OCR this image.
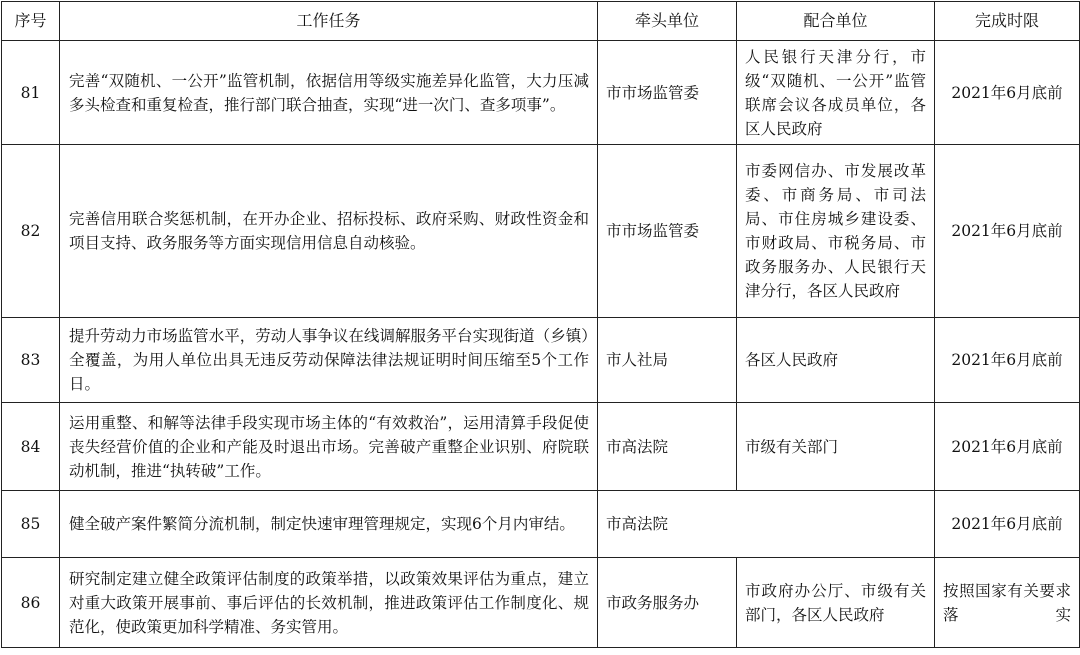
序号	工作任务	牵头单位	配合单位	完成时限
81	完善“双随机、一公开”监管机制，依据信用等级实施差异化监管，大力压减多头检查和重复检查，推行部门联合抽查，实现“进一次门、查多项事”。	市市场监管委	人民银行天津分行，市级“双随机、一公开”监管联席会议各成员单位，各区人民政府	2021年6月底前
82	完善信用联合奖惩机制，在开办企业、招标投标、政府采购、财政性资金和项目支持、政务服务等方面实现信用信息自动核验。	市市场监管委	市委网信办、市发展改革委、市商务局、市司法局、市住房城乡建设委、市财政局、市税务局、市政务服务办、人民银行天津分行，各区人民政府	2021年6月底前
83	提升劳动力市场监管水平，劳动人事争议在线调解服务平台实现街道（乡镇）全覆盖，为用人单位出具无违反劳动保障法律法规证明时间压缩至5个工作日。	市人社局	各区人民政府	2021年6月底前
84	运用重整、和解等法律手段实现市场主体的“有效救治”，运用清算手段促使丧失经营价值的企业和产能及时退出市场。完善破产重整企业识别、府院联动机制，推进“执转破”工作。	市高法院	市级有关部门	2021年6月底前
85	健全破产案件繁简分流机制，制定快速审理管理规定，实现6个月内审结。	市高法院		2021年6月底前
86	研究制定建立健全政策评估制度的政策举措，以政策效果评估为重点，建立对重大政策开展事前、事后评估的长效机制，推进政策评估工作制度化、规范化，使政策更加科学精准、务实管用。	市政务服务办	市政府办公厅、市级有关部门，各区人民政府	按照国家有关要求落实
